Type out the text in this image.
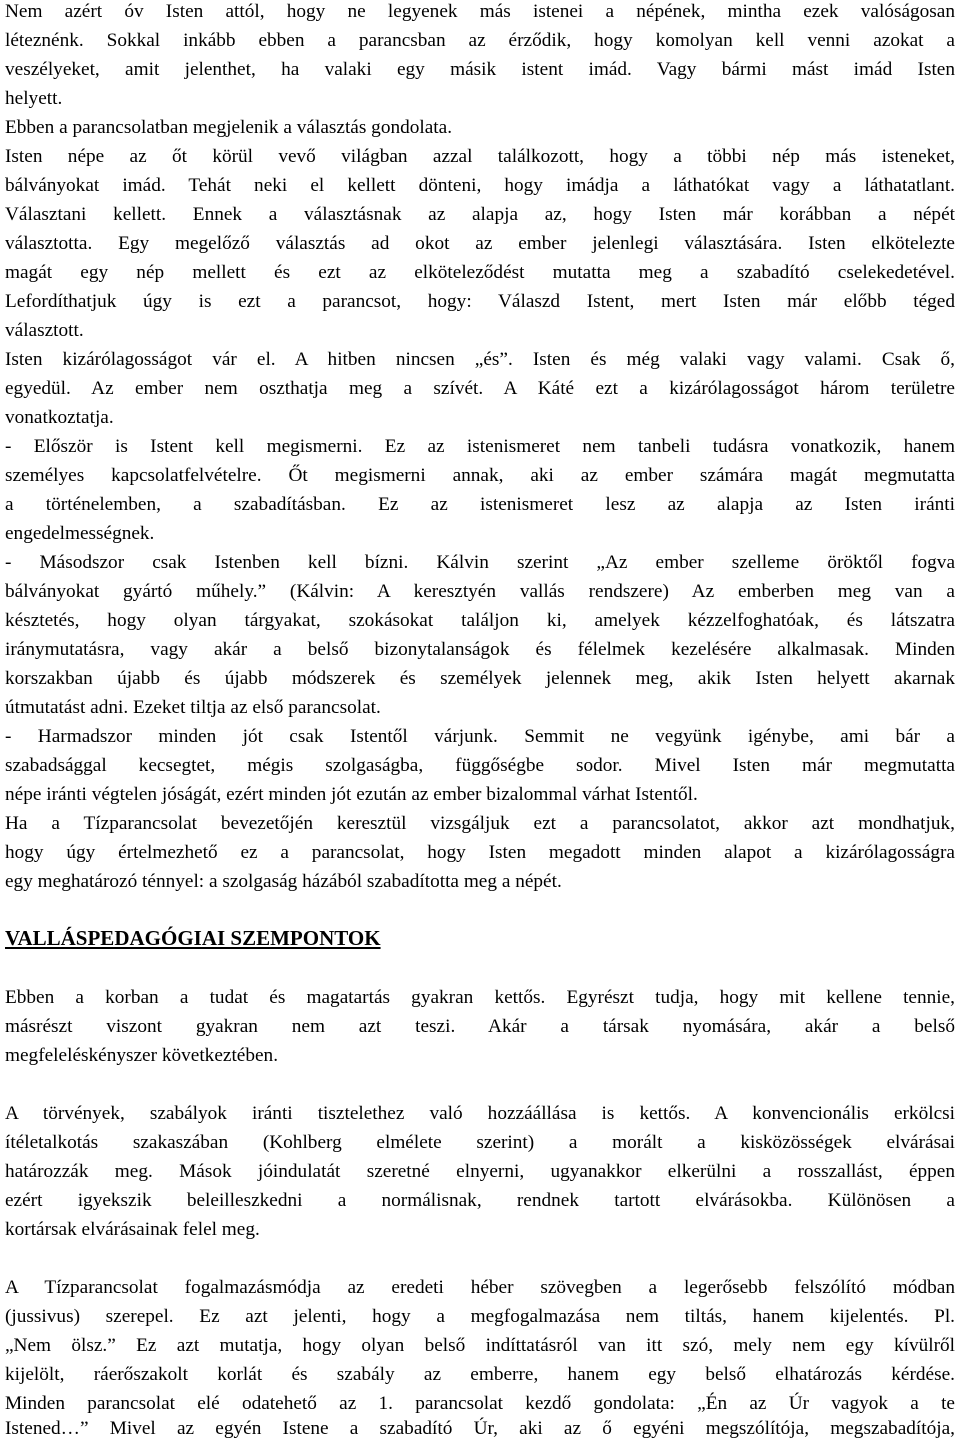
Nem azért óv Isten attól, hogy ne legyenek más istenei a népének, mintha ezek valóságosan
léteznénk. Sokkal inkább ebben a parancsban az érződik, hogy komolyan kell venni azokat a
veszélyeket, amit jelenthet, ha valaki egy másik istent imád. Vagy bármi mást imád Isten
helyett.
Ebben a parancsolatban megjelenik a választás gondolata.
Isten népe az őt körül vevő világban azzal találkozott, hogy a többi nép más isteneket,
bálványokat imád. Tehát neki el kellett dönteni, hogy imádja a láthatókat vagy a láthatatlant.
Választani kellett. Ennek a választásnak az alapja az, hogy Isten már korábban a népét
választotta. Egy megelőző választás ad okot az ember jelenlegi választására. Isten elkötelezte
magát egy nép mellett és ezt az elköteleződést mutatta meg a szabadító cselekedetével.
Lefordíthatjuk úgy is ezt a parancsot, hogy: Válaszd Istent, mert Isten már előbb téged
választott.
Isten kizárólagosságot vár el. A hitben nincsen „és”. Isten és még valaki vagy valami. Csak ő,
egyedül. Az ember nem oszthatja meg a szívét. A Káté ezt a kizárólagosságot három területre
vonatkoztatja.
- Először is Istent kell megismerni. Ez az istenismeret nem tanbeli tudásra vonatkozik, hanem
személyes kapcsolatfelvételre. Őt megismerni annak, aki az ember számára magát megmutatta
a történelemben, a szabadításban. Ez az istenismeret lesz az alapja az Isten iránti
engedelmességnek.
- Másodszor csak Istenben kell bízni. Kálvin szerint „Az ember szelleme öröktől fogva
bálványokat gyártó műhely.” (Kálvin: A keresztyén vallás rendszere) Az emberben meg van a
késztetés, hogy olyan tárgyakat, szokásokat találjon ki, amelyek kézzelfoghatóak, és látszatra
iránymutatásra, vagy akár a belső bizonytalanságok és félelmek kezelésére alkalmasak. Minden
korszakban újabb és újabb módszerek és személyek jelennek meg, akik Isten helyett akarnak
útmutatást adni. Ezeket tiltja az első parancsolat.
- Harmadszor minden jót csak Istentől várjunk. Semmit ne vegyünk igénybe, ami bár a
szabadsággal kecsegtet, mégis szolgaságba, függőségbe sodor. Mivel Isten már megmutatta
népe iránti végtelen jóságát, ezért minden jót ezután az ember bizalommal várhat Istentől.
Ha a Tízparancsolat bevezetőjén keresztül vizsgáljuk ezt a parancsolatot, akkor azt mondhatjuk,
hogy úgy értelmezhető ez a parancsolat, hogy Isten megadott minden alapot a kizárólagosságra
egy meghatározó ténnyel: a szolgaság házából szabadította meg a népét.
VALLÁSPEDAGÓGIAI SZEMPONTOK
Ebben a korban a tudat és magatartás gyakran kettős. Egyrészt tudja, hogy mit kellene tennie,
másrészt viszont gyakran nem azt teszi. Akár a társak nyomására, akár a belső
megfeleléskényszer következtében.
A törvények, szabályok iránti tisztelethez való hozzáállása is kettős. A konvencionális erkölcsi
ítéletalkotás szakaszában (Kohlberg elmélete szerint) a morált a kisközösségek elvárásai
határozzák meg. Mások jóindulatát szeretné elnyerni, ugyanakkor elkerülni a rosszallást, éppen
ezért igyekszik beleilleszkedni a normálisnak, rendnek tartott elvárásokba. Különösen a
kortársak elvárásainak felel meg.
A Tízparancsolat fogalmazásmódja az eredeti héber szövegben a legerősebb felszólító módban
(jussivus) szerepel. Ez azt jelenti, hogy a megfogalmazása nem tiltás, hanem kijelentés. Pl.
„Nem ölsz.” Ez azt mutatja, hogy olyan belső indíttatásról van itt szó, mely nem egy kívülről
kijelölt, ráerőszakolt korlát és szabály az emberre, hanem egy belső elhatározás kérdése.
Minden parancsolat elé odatehető az 1. parancsolat kezdő gondolata: „Én az Úr vagyok a te
Istened…” Mivel az egyén Istene a szabadító Úr, aki az ő egyéni megszólítója, megszabadítója,
